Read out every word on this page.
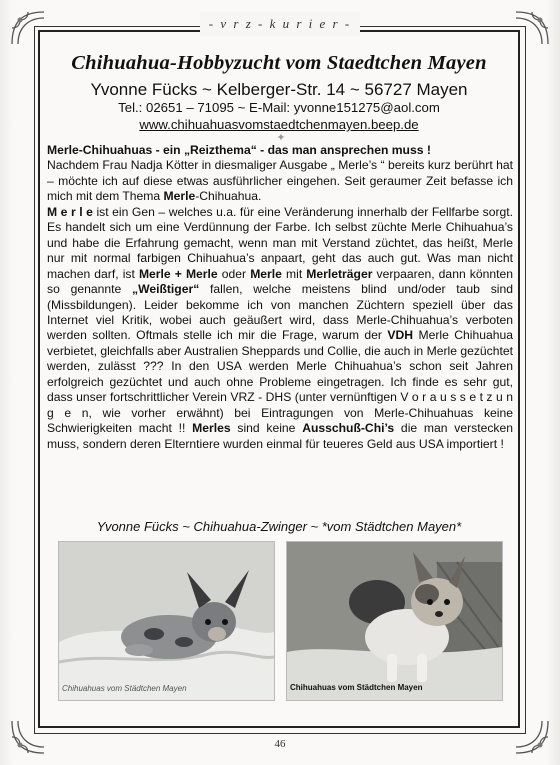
- v r z - k u r i e r -
Chihuahua-Hobbyzucht vom Staedtchen Mayen
Yvonne Fücks ~ Kelberger-Str. 14 ~ 56727 Mayen
Tel.: 02651 – 71095 ~ E-Mail: yvonne151275@aol.com
www.chihuahuasvomstaedtchenmayen.beep.de
✦

Merle-Chihuahuas - ein „Reizthema“ - das man ansprechen muss !

Nachdem Frau Nadja Kötter in diesmaliger Ausgabe „ Merle’s “ bereits kurz berührt hat – möchte ich auf diese etwas ausführlicher eingehen. Seit geraumer Zeit befasse ich mich mit dem Thema Merle-Chihuahua.

M e r l e ist ein Gen – welches u.a. für eine Veränderung innerhalb der Fellfarbe sorgt. Es handelt sich um eine Verdünnung der Farbe. Ich selbst züchte Merle Chihuahua’s und habe die Erfahrung gemacht, wenn man mit Verstand züchtet, das heißt, Merle nur mit normal farbigen Chihuahua’s anpaart, geht das auch gut. Was man nicht machen darf, ist Merle + Merle oder Merle mit Merleträger verpaaren, dann könnten so genannte „Weißtiger“ fallen, welche meistens blind und/oder taub sind (Missbildungen). Leider bekomme ich von manchen Züchtern speziell über das Internet viel Kritik, wobei auch geäußert wird, dass Merle-Chihuahua’s verboten werden sollten. Oftmals stelle ich mir die Frage, warum der VDH Merle Chihuahua verbietet, gleichfalls aber Australien Sheppards und Collie, die auch in Merle gezüchtet werden, zulässt ??? In den USA werden Merle Chihuahua’s schon seit Jahren erfolgreich gezüchtet und auch ohne Probleme eingetragen. Ich finde es sehr gut, dass unser fortschrittlicher Verein VRZ - DHS (unter vernünftigen V o r a u s s e t z u n g e n, wie vorher erwähnt) bei Eintragungen von Merle-Chihuahuas keine Schwierigkeiten macht !! Merles sind keine Ausschuß-Chi’s die man verstecken muss, sondern deren Elterntiere wurden einmal für teueres Geld aus USA importiert !

Yvonne Fücks ~ Chihuahua-Zwinger ~ *vom Städtchen Mayen*
Chihuahuas vom Städtchen Mayen	Chihuahuas vom Städtchen Mayen
46
